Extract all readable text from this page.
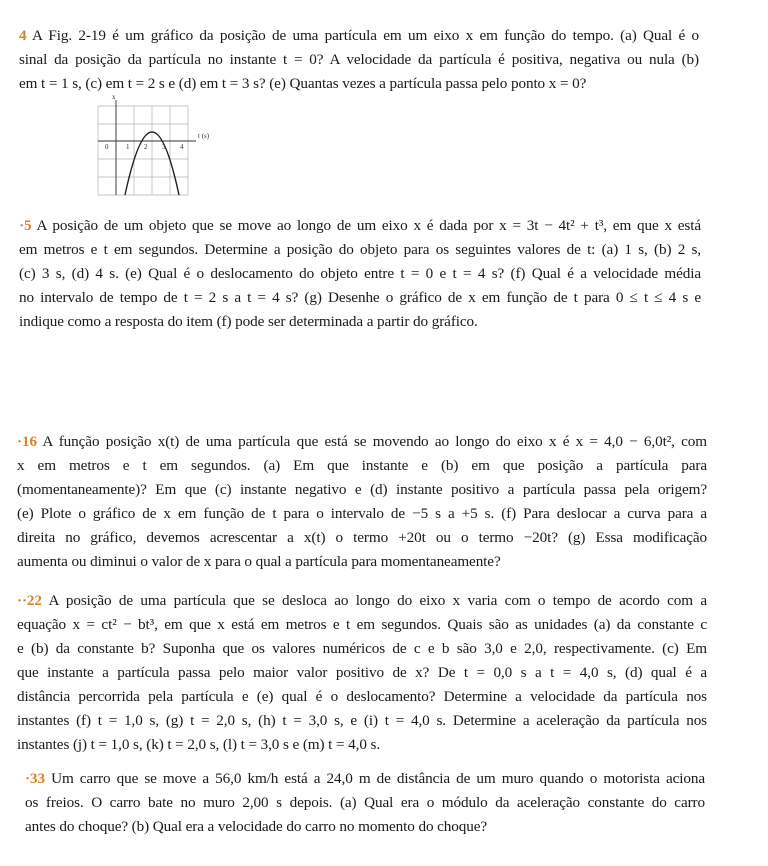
4 A Fig. 2-19 é um gráfico da posição de uma partícula em um eixo x em função do tempo. (a) Qual é o
sinal da posição da partícula no instante t = 0? A velocidade da partícula é positiva, negativa ou nula (b)
em t = 1 s, (c) em t = 2 s e (d) em t = 3 s? (e) Quantas vezes a partícula passa pelo ponto x = 0?
x
t (s)
0	1 2 3 4
·5 A posição de um objeto que se move ao longo de um eixo x é dada por x = 3t − 4t² + t³, em que x está
em metros e t em segundos. Determine a posição do objeto para os seguintes valores de t: (a) 1 s, (b) 2 s,
(c) 3 s, (d) 4 s. (e) Qual é o deslocamento do objeto entre t = 0 e t = 4 s? (f) Qual é a velocidade média
no intervalo de tempo de t = 2 s a t = 4 s? (g) Desenhe o gráfico de x em função de t para 0 ≤ t ≤ 4 s e
indique como a resposta do item (f) pode ser determinada a partir do gráfico.
·16 A função posição x(t) de uma partícula que está se movendo ao longo do eixo x é x = 4,0 − 6,0t², com
x em metros e t em segundos. (a) Em que instante e (b) em que posição a partícula para
(momentaneamente)? Em que (c) instante negativo e (d) instante positivo a partícula passa pela origem?
(e) Plote o gráfico de x em função de t para o intervalo de −5 s a +5 s. (f) Para deslocar a curva para a
direita no gráfico, devemos acrescentar a x(t) o termo +20t ou o termo −20t? (g) Essa modificação
aumenta ou diminui o valor de x para o qual a partícula para momentaneamente?
··22 A posição de uma partícula que se desloca ao longo do eixo x varia com o tempo de acordo com a
equação x = ct² − bt³, em que x está em metros e t em segundos. Quais são as unidades (a) da constante c
e (b) da constante b? Suponha que os valores numéricos de c e b são 3,0 e 2,0, respectivamente. (c) Em
que instante a partícula passa pelo maior valor positivo de x? De t = 0,0 s a t = 4,0 s, (d) qual é a
distância percorrida pela partícula e (e) qual é o deslocamento? Determine a velocidade da partícula nos
instantes (f) t = 1,0 s, (g) t = 2,0 s, (h) t = 3,0 s, e (i) t = 4,0 s. Determine a aceleração da partícula nos
instantes (j) t = 1,0 s, (k) t = 2,0 s, (l) t = 3,0 s e (m) t = 4,0 s.
·33 Um carro que se move a 56,0 km/h está a 24,0 m de distância de um muro quando o motorista aciona
os freios. O carro bate no muro 2,00 s depois. (a) Qual era o módulo da aceleração constante do carro
antes do choque? (b) Qual era a velocidade do carro no momento do choque?
